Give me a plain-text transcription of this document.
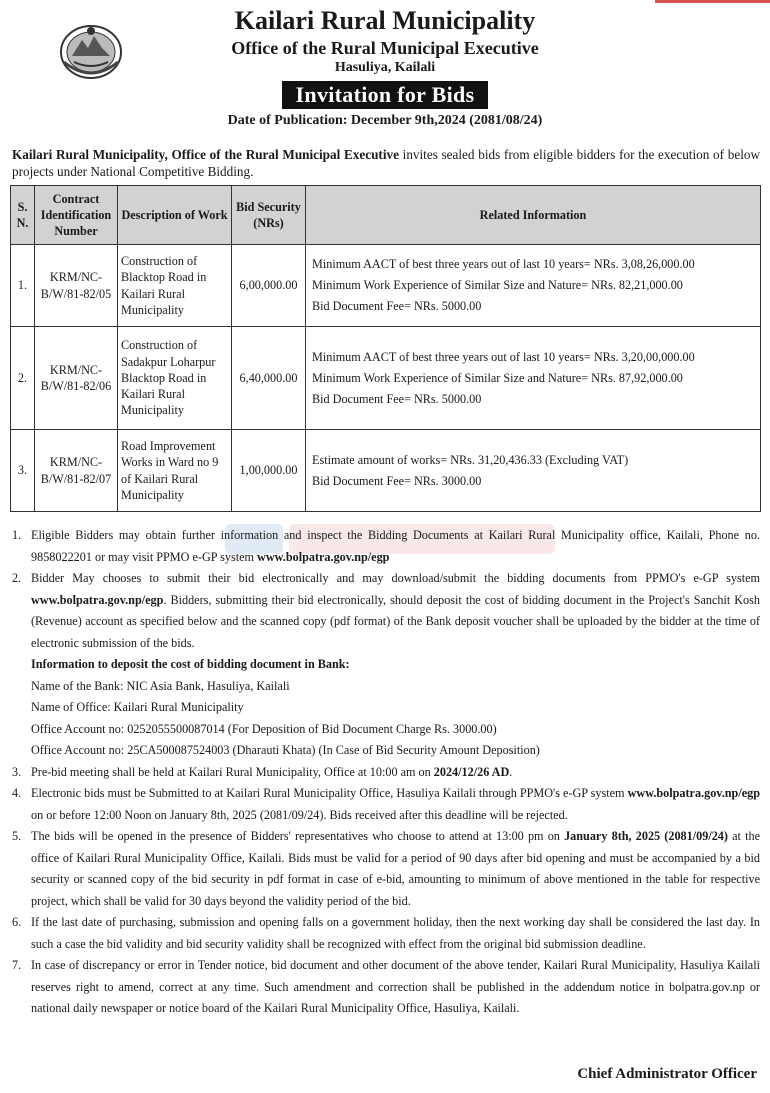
Kailari Rural Municipality
Office of the Rural Municipal Executive
Hasuliya, Kailali
Invitation for Bids
Date of Publication: December 9th,2024 (2081/08/24)
Kailari Rural Municipality, Office of the Rural Municipal Executive invites sealed bids from eligible bidders for the execution of below projects under National Competitive Bidding.
S. N.	Contract Identification Number	Description of Work	Bid Security (NRs)	Related Information
1.	KRM/NC-B/W/81-82/05	Construction of Blacktop Road in Kailari Rural Municipality	6,00,000.00	Minimum AACT of best three years out of last 10 years= NRs. 3,08,26,000.00
Minimum Work Experience of Similar Size and Nature= NRs. 82,21,000.00
Bid Document Fee= NRs. 5000.00

2.	KRM/NC-B/W/81-82/06	Construction of Sadakpur Loharpur Blacktop Road in Kailari Rural Municipality	6,40,000.00	Minimum AACT of best three years out of last 10 years= NRs. 3,20,00,000.00
Minimum Work Experience of Similar Size and Nature= NRs. 87,92,000.00
Bid Document Fee= NRs. 5000.00

3.	KRM/NC-B/W/81-82/07	Road Improvement Works in Ward no 9 of Kailari Rural Municipality	1,00,000.00	Estimate amount of works= NRs. 31,20,436.33 (Excluding VAT)
Bid Document Fee= NRs. 3000.00
1. Eligible Bidders may obtain further information and inspect the Bidding Documents at Kailari Rural Municipality office, Kailali, Phone no. 9858022201 or may visit PPMO e-GP system www.bolpatra.gov.np/egp
2. Bidder May chooses to submit their bid electronically and may download/submit the bidding documents from PPMO's e-GP system www.bolpatra.gov.np/egp. Bidders, submitting their bid electronically, should deposit the cost of bidding document in the Project's Sanchit Kosh (Revenue) account as specified below and the scanned copy (pdf format) of the Bank deposit voucher shall be uploaded by the bidder at the time of electronic submission of the bids.
Information to deposit the cost of bidding document in Bank:
Name of the Bank: NIC Asia Bank, Hasuliya, Kailali
Name of Office: Kailari Rural Municipality
Office Account no: 0252055500087014 (For Deposition of Bid Document Charge Rs. 3000.00)
Office Account no: 25CA500087524003 (Dharauti Khata) (In Case of Bid Security Amount Deposition)
3. Pre-bid meeting shall be held at Kailari Rural Municipality, Office at 10:00 am on 2024/12/26 AD.
4. Electronic bids must be Submitted to at Kailari Rural Municipality Office, Hasuliya Kailali through PPMO's e-GP system www.bolpatra.gov.np/egp on or before 12:00 Noon on January 8th, 2025 (2081/09/24). Bids received after this deadline will be rejected.
5. The bids will be opened in the presence of Bidders' representatives who choose to attend at 13:00 pm on January 8th, 2025 (2081/09/24) at the office of Kailari Rural Municipality Office, Kailali. Bids must be valid for a period of 90 days after bid opening and must be accompanied by a bid security or scanned copy of the bid security in pdf format in case of e-bid, amounting to minimum of above mentioned in the table for respective project, which shall be valid for 30 days beyond the validity period of the bid.
6. If the last date of purchasing, submission and opening falls on a government holiday, then the next working day shall be considered the last day. In such a case the bid validity and bid security validity shall be recognized with effect from the original bid submission deadline.
7. In case of discrepancy or error in Tender notice, bid document and other document of the above tender, Kailari Rural Municipality, Hasuliya Kailali reserves right to amend, correct at any time. Such amendment and correction shall be published in the addendum notice in bolpatra.gov.np or national daily newspaper or notice board of the Kailari Rural Municipality Office, Hasuliya, Kailali.
Chief Administrator Officer
